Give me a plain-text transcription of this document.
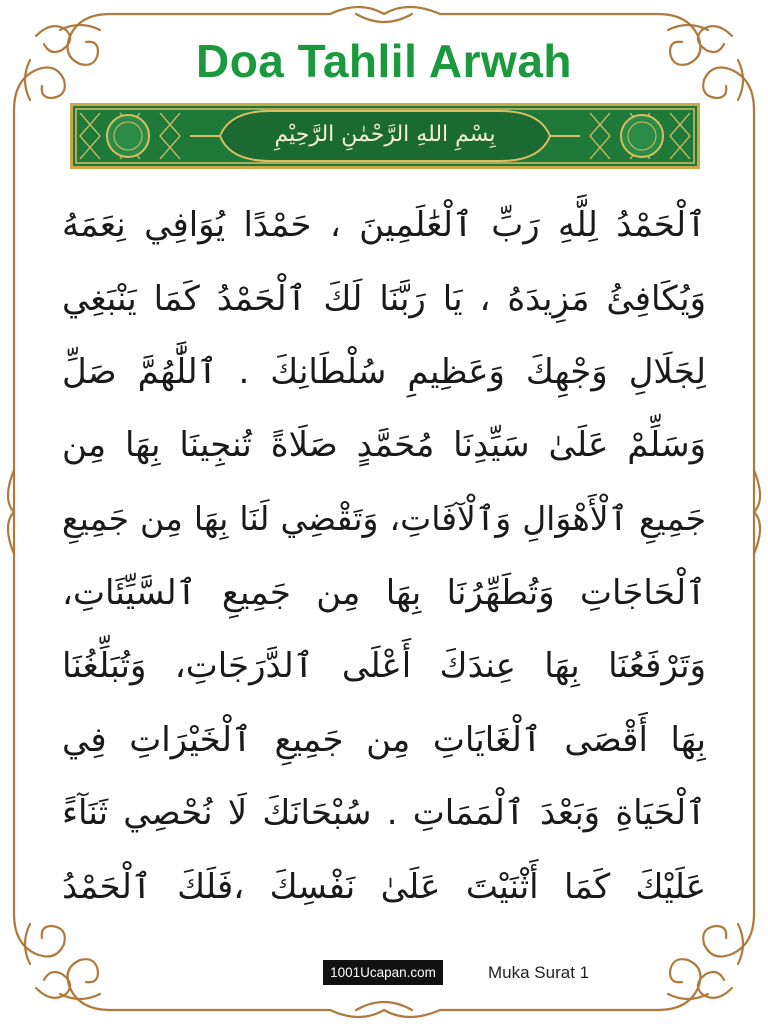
Doa Tahlil Arwah
بِسْمِ اللهِ الرَّحْمٰنِ الرَّحِيْمِ
ٱلْحَمْدُ لِلَّهِ رَبِّ ٱلْعَٰلَمِينَ ، حَمْدًا يُوَافِي نِعَمَهُ
وَيُكَافِئُ مَزِيدَهُ ، يَا رَبَّنَا لَكَ ٱلْحَمْدُ كَمَا يَنْبَغِي
لِجَلَالِ وَجْهِكَ وَعَظِيمِ سُلْطَانِكَ . ٱللَّٰهُمَّ صَلِّ
وَسَلِّمْ عَلَىٰ سَيِّدِنَا مُحَمَّدٍ صَلَاةً تُنجِينَا بِهَا مِن
جَمِيعِ ٱلْأَهْوَالِ وَٱلْآفَاتِ، وَتَقْضِي لَنَا بِهَا مِن جَمِيعِ
ٱلْحَاجَاتِ وَتُطَهِّرُنَا بِهَا مِن جَمِيعِ ٱلسَّيِّئَاتِ،
وَتَرْفَعُنَا بِهَا عِندَكَ أَعْلَى ٱلدَّرَجَاتِ، وَتُبَلِّغُنَا
بِهَا أَقْصَى ٱلْغَايَاتِ مِن جَمِيعِ ٱلْخَيْرَاتِ فِي
ٱلْحَيَاةِ وَبَعْدَ ٱلْمَمَاتِ . سُبْحَانَكَ لَا نُحْصِي ثَنَآءً
عَلَيْكَ كَمَا أَثْنَيْتَ عَلَىٰ نَفْسِكَ ،فَلَكَ ٱلْحَمْدُ
1001Ucapan.com	Muka Surat 1
